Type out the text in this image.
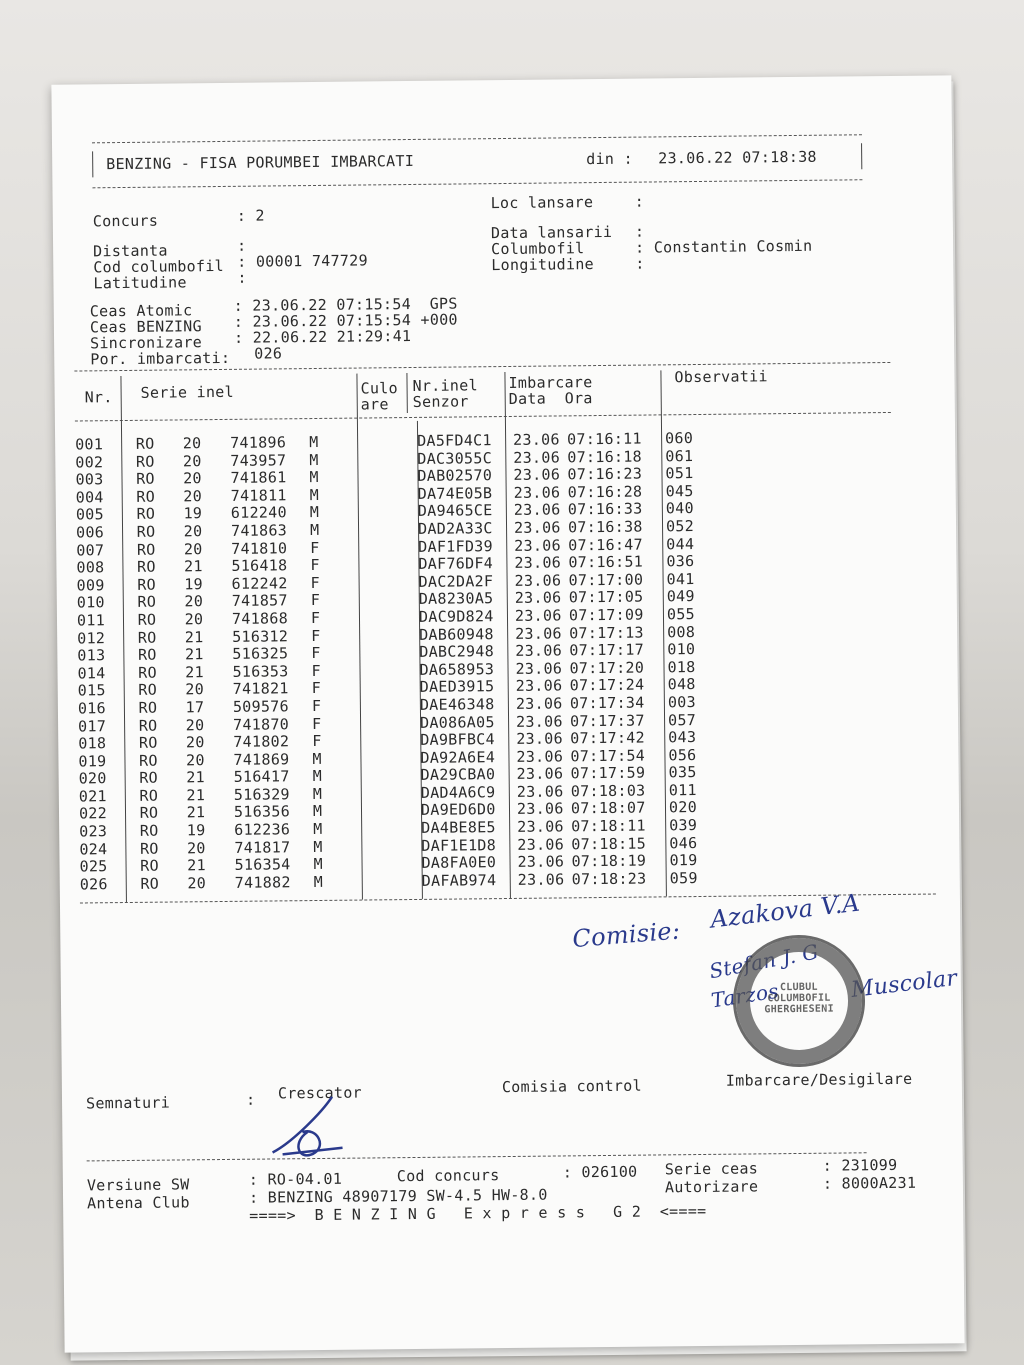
BENZING - FISA PORUMBEI IMBARCATI	din : 23.06.22 07:18:38
Concurs	: 2
Distanta	:
Cod columbofil : 00001 747729
Latitudine	:
Loc lansare	:
Data lansarii :
Columbofil	: Constantin Cosmin
Longitudine	:
Ceas Atomic	: 23.06.22 07:15:54  GPS
Ceas BENZING : 23.06.22 07:15:54 +000
Sincronizare : 22.06.22 21:29:41
Por. imbarcati: 026
Nr. Serie inel	Culo
are
Nr.inel
Senzor
Imbarcare
Data  Ora
Observatii
001	RO	20	741896	M		DA5FD4C1	23.06	07:16:11	060
002	RO	20	743957	M		DAC3055C	23.06	07:16:18	061
003	RO	20	741861	M		DAB02570	23.06	07:16:23	051
004	RO	20	741811	M		DA74E05B	23.06	07:16:28	045
005	RO	19	612240	M		DA9465CE	23.06	07:16:33	040
006	RO	20	741863	M		DAD2A33C	23.06	07:16:38	052
007	RO	20	741810	F		DAF1FD39	23.06	07:16:47	044
008	RO	21	516418	F		DAF76DF4	23.06	07:16:51	036
009	RO	19	612242	F		DAC2DA2F	23.06	07:17:00	041
010	RO	20	741857	F		DA8230A5	23.06	07:17:05	049
011	RO	20	741868	F		DAC9D824	23.06	07:17:09	055
012	RO	21	516312	F		DAB60948	23.06	07:17:13	008
013	RO	21	516325	F		DABC2948	23.06	07:17:17	010
014	RO	21	516353	F		DA658953	23.06	07:17:20	018
015	RO	20	741821	F		DAED3915	23.06	07:17:24	048
016	RO	17	509576	F		DAE46348	23.06	07:17:34	003
017	RO	20	741870	F		DA086A05	23.06	07:17:37	057
018	RO	20	741802	F		DA9BFBC4	23.06	07:17:42	043
019	RO	20	741869	M		DA92A6E4	23.06	07:17:54	056
020	RO	21	516417	M		DA29CBA0	23.06	07:17:59	035
021	RO	21	516329	M		DAD4A6C9	23.06	07:18:03	011
022	RO	21	516356	M		DA9ED6D0	23.06	07:18:07	020
023	RO	19	612236	M		DA4BE8E5	23.06	07:18:11	039
024	RO	20	741817	M		DAF1E1D8	23.06	07:18:15	046
025	RO	21	516354	M		DA8FA0E0	23.06	07:18:19	019
026	RO	20	741882	M		DAFAB974	23.06	07:18:23	059
Comisie:
Azakova V.A
Stefan J. G
Tarzos	Muscolar
CLUBUL COLUMBOFIL GHERGHESENI
Semnaturi	: Crescator	Comisia control	Imbarcare/Desigilare
Versiune SW	: RO-04.01	Cod concurs	: 026100 Serie ceas	: 231099
Antena Club	: BENZING 48907179 SW-4.5 HW-8.0	Autorizare	: 8000A231
====>  B E N Z I N G   E x p r e s s   G 2  <====
